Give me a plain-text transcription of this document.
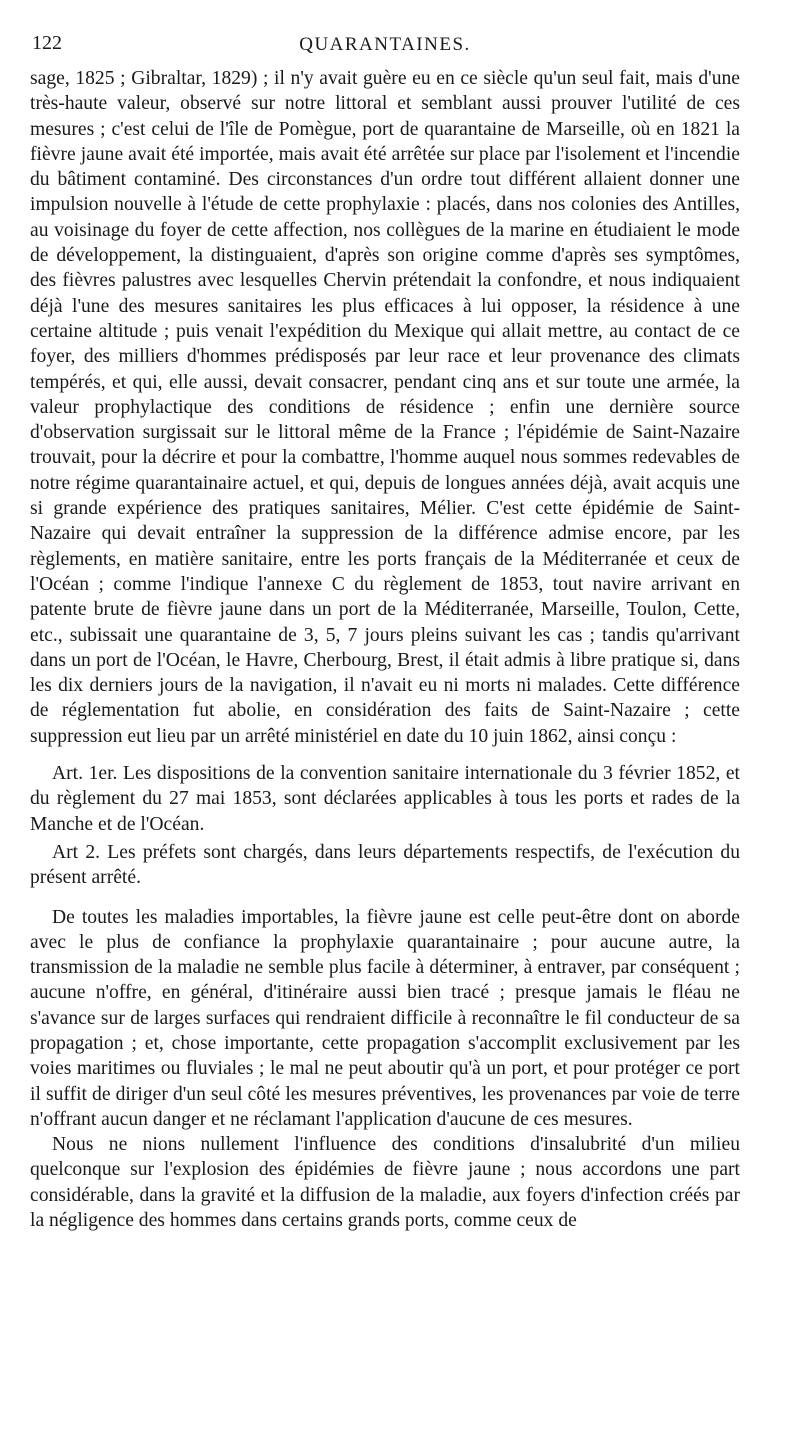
122	QUARANTAINES.

sage, 1825 ; Gibraltar, 1829) ; il n'y avait guère eu en ce siècle qu'un seul fait, mais d'une très-haute valeur, observé sur notre littoral et semblant aussi prouver l'utilité de ces mesures ; c'est celui de l'île de Pomègue, port de quarantaine de Marseille, où en 1821 la fièvre jaune avait été importée, mais avait été arrêtée sur place par l'isolement et l'incendie du bâtiment contaminé. Des circonstances d'un ordre tout différent allaient donner une impulsion nouvelle à l'étude de cette prophylaxie : placés, dans nos colonies des Antilles, au voisinage du foyer de cette affection, nos collègues de la marine en étudiaient le mode de développement, la distinguaient, d'après son origine comme d'après ses symptômes, des fièvres palustres avec lesquelles Chervin prétendait la confondre, et nous indiquaient déjà l'une des mesures sanitaires les plus efficaces à lui opposer, la résidence à une certaine altitude ; puis venait l'expédition du Mexique qui allait mettre, au contact de ce foyer, des milliers d'hommes prédisposés par leur race et leur provenance des climats tempérés, et qui, elle aussi, devait consacrer, pendant cinq ans et sur toute une armée, la valeur prophylactique des conditions de résidence ; enfin une dernière source d'observation surgissait sur le littoral même de la France ; l'épidémie de Saint-Nazaire trouvait, pour la décrire et pour la combattre, l'homme auquel nous sommes redevables de notre régime quarantainaire actuel, et qui, depuis de longues années déjà, avait acquis une si grande expérience des pratiques sanitaires, Mélier. C'est cette épidémie de Saint-Nazaire qui devait entraîner la suppression de la différence admise encore, par les règlements, en matière sanitaire, entre les ports français de la Méditerranée et ceux de l'Océan ; comme l'indique l'annexe C du règlement de 1853, tout navire arrivant en patente brute de fièvre jaune dans un port de la Méditerranée, Marseille, Toulon, Cette, etc., subissait une quarantaine de 3, 5, 7 jours pleins suivant les cas ; tandis qu'arrivant dans un port de l'Océan, le Havre, Cherbourg, Brest, il était admis à libre pratique si, dans les dix derniers jours de la navigation, il n'avait eu ni morts ni malades. Cette différence de réglementation fut abolie, en considération des faits de Saint-Nazaire ; cette suppression eut lieu par un arrêté ministériel en date du 10 juin 1862, ainsi conçu :

Art. 1er. Les dispositions de la convention sanitaire internationale du 3 février 1852, et du règlement du 27 mai 1853, sont déclarées applicables à tous les ports et rades de la Manche et de l'Océan.

Art 2. Les préfets sont chargés, dans leurs départements respectifs, de l'exécution du présent arrêté.

De toutes les maladies importables, la fièvre jaune est celle peut-être dont on aborde avec le plus de confiance la prophylaxie quarantainaire ; pour aucune autre, la transmission de la maladie ne semble plus facile à déterminer, à entraver, par conséquent ; aucune n'offre, en général, d'itinéraire aussi bien tracé ; presque jamais le fléau ne s'avance sur de larges surfaces qui rendraient difficile à reconnaître le fil conducteur de sa propagation ; et, chose importante, cette propagation s'accomplit exclusivement par les voies maritimes ou fluviales ; le mal ne peut aboutir qu'à un port, et pour protéger ce port il suffit de diriger d'un seul côté les mesures préventives, les provenances par voie de terre n'offrant aucun danger et ne réclamant l'application d'aucune de ces mesures.

Nous ne nions nullement l'influence des conditions d'insalubrité d'un milieu quelconque sur l'explosion des épidémies de fièvre jaune ; nous accordons une part considérable, dans la gravité et la diffusion de la maladie, aux foyers d'infection créés par la négligence des hommes dans certains grands ports, comme ceux de
